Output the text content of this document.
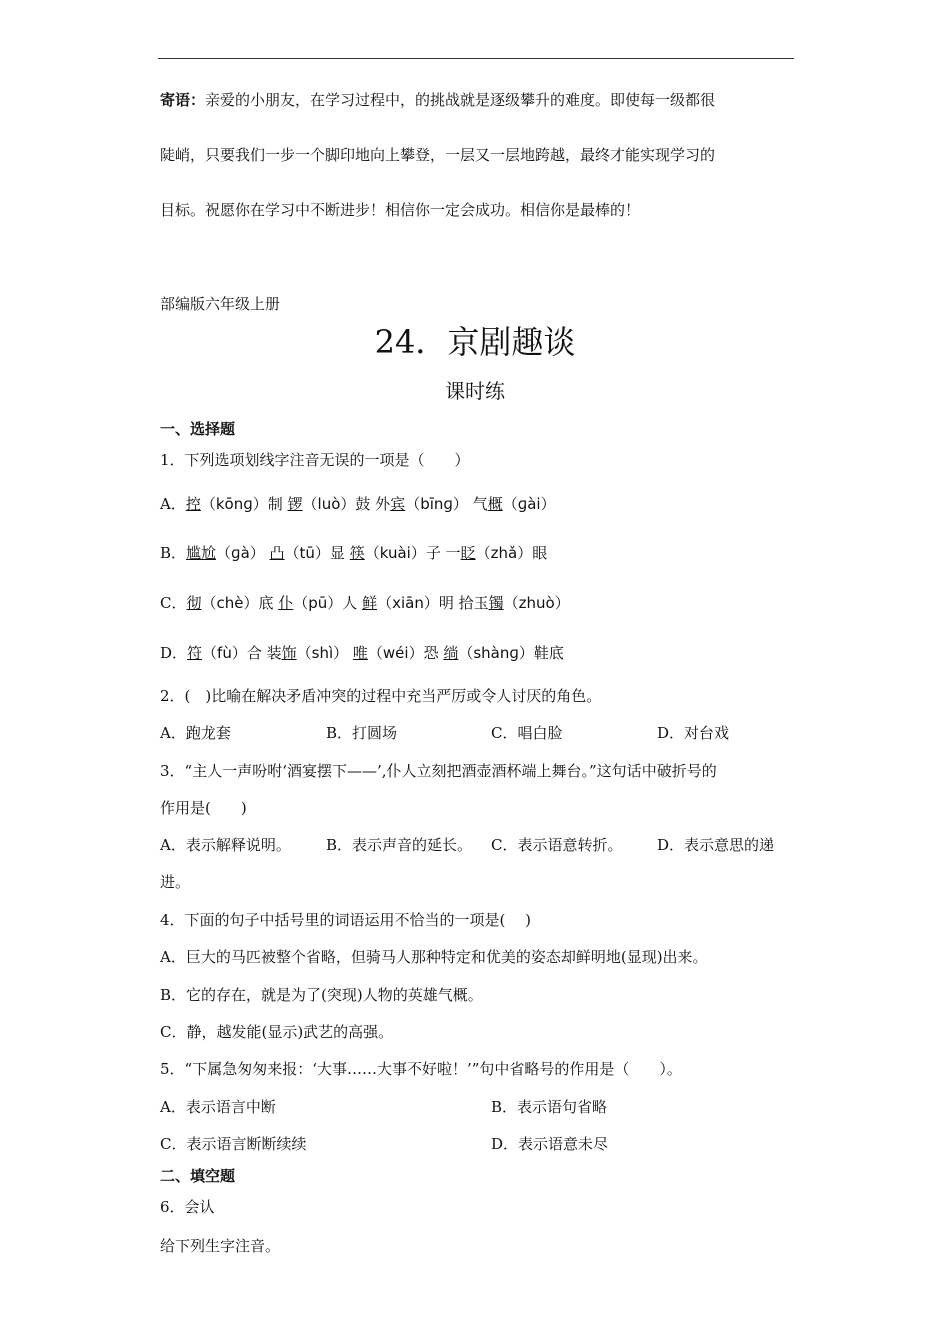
寄语：亲爱的小朋友，在学习过程中，的挑战就是逐级攀升的难度。即使每一级都很
陡峭，只要我们一步一个脚印地向上攀登，一层又一层地跨越，最终才能实现学习的
目标。祝愿你在学习中不断进步！相信你一定会成功。相信你是最棒的！
部编版六年级上册
24．京剧趣谈
课时练
一、选择题
1．下列选项划线字注音无误的一项是（　　）
A．控（kōnɡ）制 锣（luò）鼓 外宾（bīnɡ） 气概（ɡài）
B．尴尬（ɡà） 凸（tū）显 筷（kuài）子 一眨（zhǎ）眼
C．彻（chè）底 仆（pū）人 鲜（xiān）明 拾玉镯（zhuò）
D．符（fù）合 装饰（shì） 唯（wéi）恐 绱（shànɡ）鞋底
2．(　)比喻在解决矛盾冲突的过程中充当严厉或令人讨厌的角色。
A．跑龙套	B．打圆场	C．唱白脸	D．对台戏
3．“主人一声吩咐‘酒宴摆下——’,仆人立刻把酒壶酒杯端上舞台。”这句话中破折号的
作用是(　　)
A．表示解释说明。 B．表示声音的延长。 C．表示语意转折。 D．表示意思的递
进。
4．下面的句子中括号里的词语运用不恰当的一项是(　 )
A．巨大的马匹被整个省略，但骑马人那种特定和优美的姿态却鲜明地(显现)出来。
B．它的存在，就是为了(突现)人物的英雄气概。
C．静，越发能(显示)武艺的高强。
5．“下属急匆匆来报：‘大事……大事不好啦！’”句中省略号的作用是（　　）。
A．表示语言中断	B．表示语句省略
C．表示语言断断续续	D．表示语意未尽
二、填空题
6．会认
给下列生字注音。
